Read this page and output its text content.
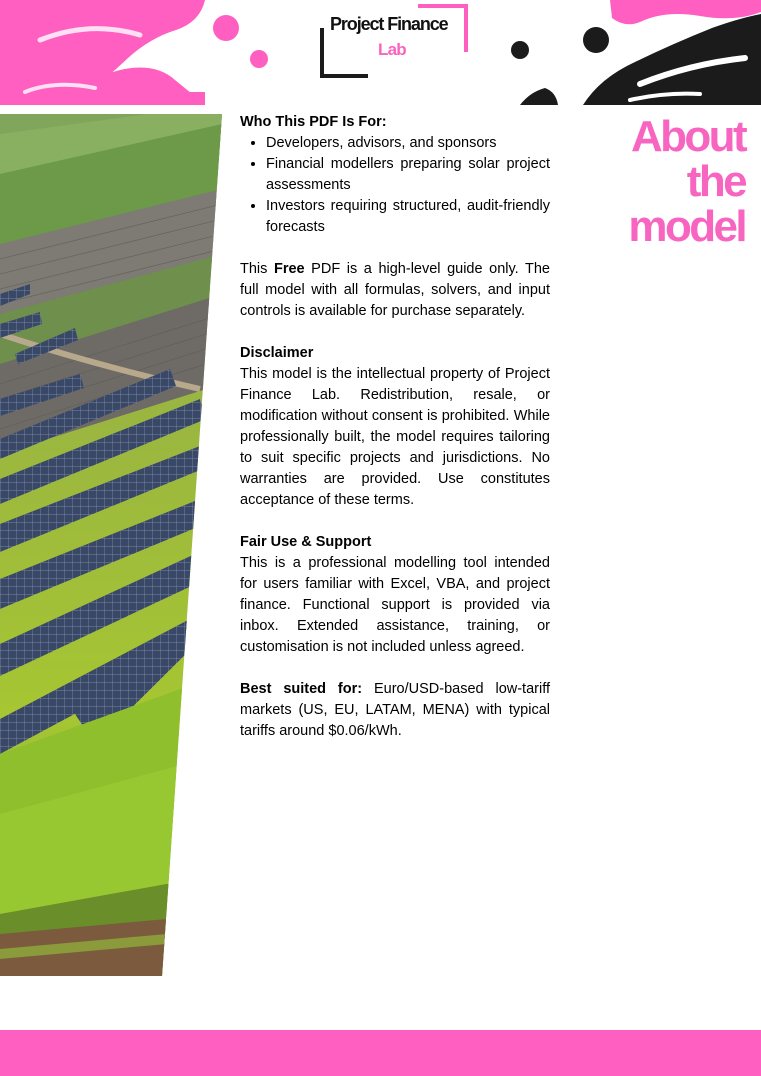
Project Finance
Lab
About
the
model
Who This PDF Is For:
• Developers, advisors, and sponsors
• Financial modellers preparing solar project assessments
• Investors requiring structured, audit-friendly forecasts

This Free PDF is a high-level guide only. The full model with all formulas, solvers, and input controls is available for purchase separately.

Disclaimer

This model is the intellectual property of Project Finance Lab. Redistribution, resale, or modification without consent is prohibited. While professionally built, the model requires tailoring to suit specific projects and jurisdictions. No warranties are provided. Use constitutes acceptance of these terms.

Fair Use & Support

This is a professional modelling tool intended for users familiar with Excel, VBA, and project finance. Functional support is provided via inbox. Extended assistance, training, or customisation is not included unless agreed.

Best suited for: Euro/USD-based low-tariff markets (US, EU, LATAM, MENA) with typical tariffs around $0.06/kWh.
